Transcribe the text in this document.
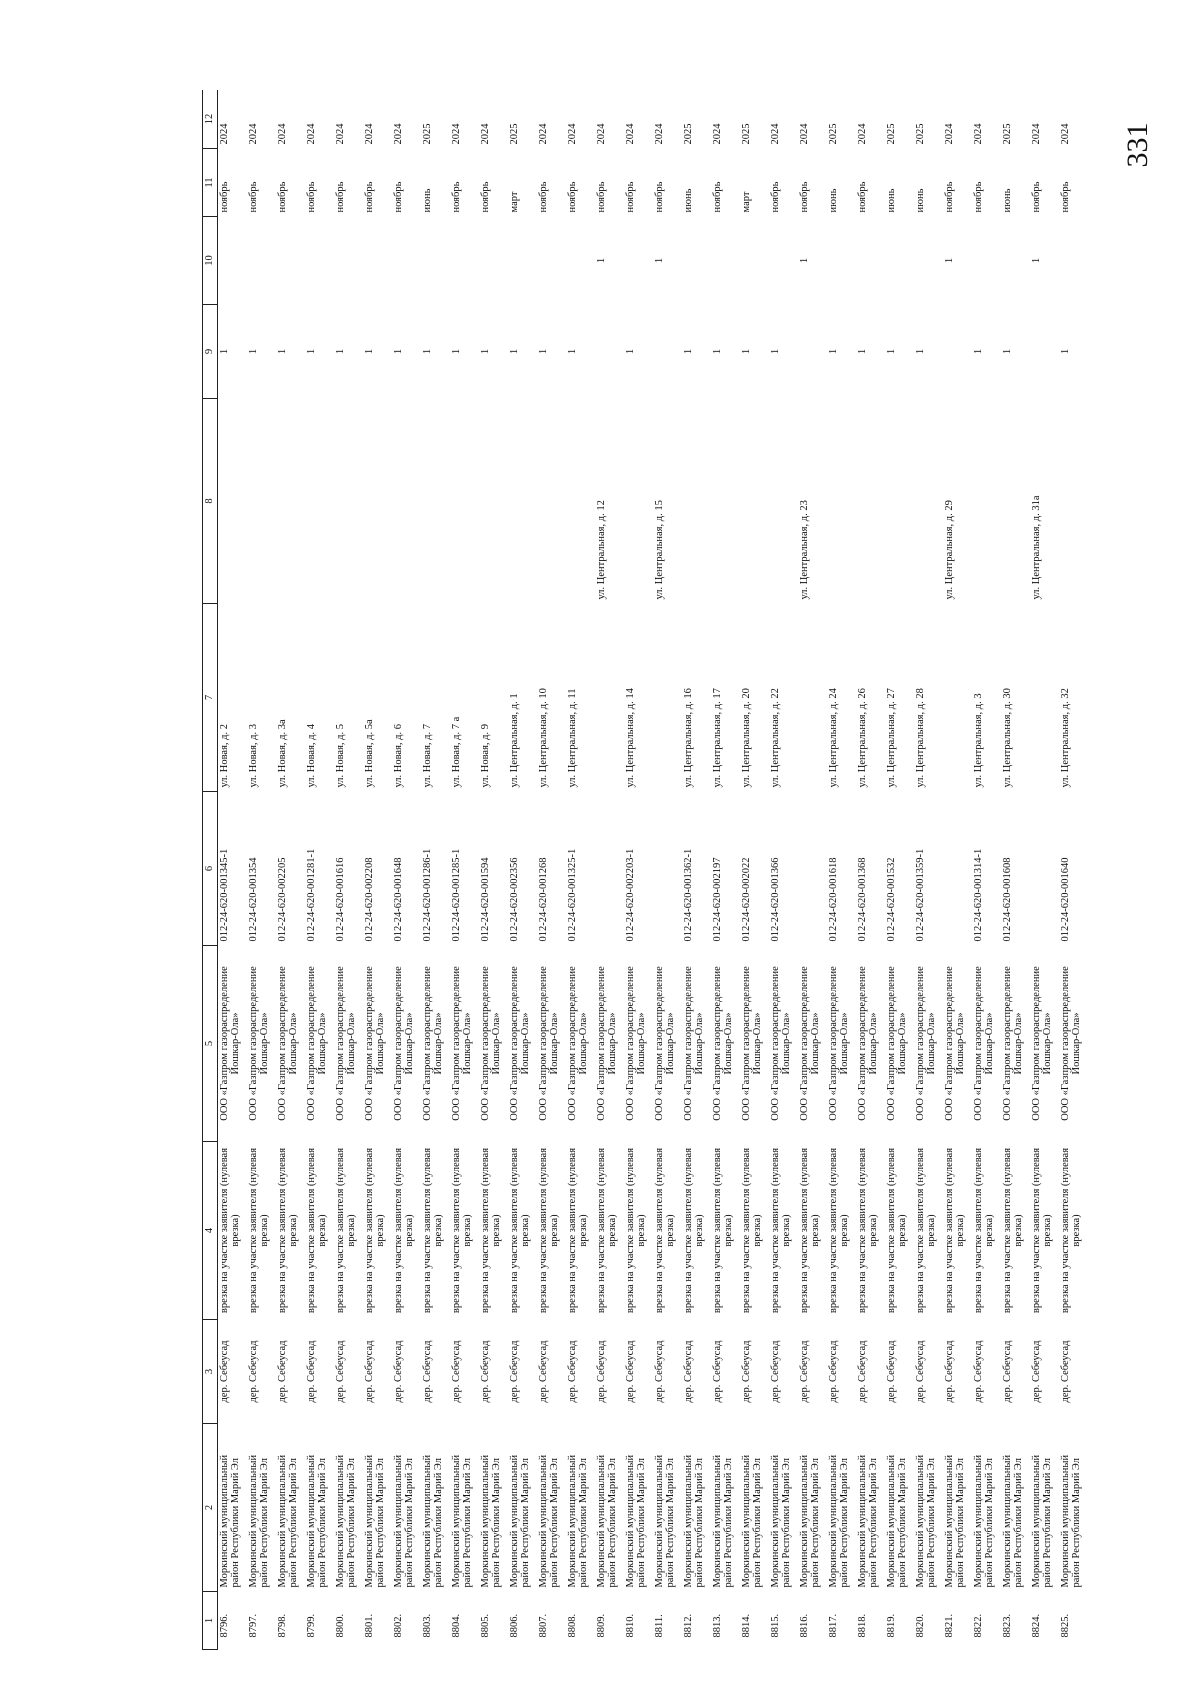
331
1	2	3	4	5	6	7	8	9	10	11	12
8796.	Моркинский муниципальный район Республики Марий Эл	дер. Себеусад	врезка на участке заявителя (нулевая врезка)	ООО «Газпром газораспределение Йошкар-Ола»	012-24-620-001345-1	ул. Новая, д. 2		1		ноябрь	2024
8797.	Моркинский муниципальный район Республики Марий Эл	дер. Себеусад	врезка на участке заявителя (нулевая врезка)	ООО «Газпром газораспределение Йошкар-Ола»	012-24-620-001354	ул. Новая, д. 3		1		ноябрь	2024
8798.	Моркинский муниципальный район Республики Марий Эл	дер. Себеусад	врезка на участке заявителя (нулевая врезка)	ООО «Газпром газораспределение Йошкар-Ола»	012-24-620-002205	ул. Новая, д. 3а		1		ноябрь	2024
8799.	Моркинский муниципальный район Республики Марий Эл	дер. Себеусад	врезка на участке заявителя (нулевая врезка)	ООО «Газпром газораспределение Йошкар-Ола»	012-24-620-001281-1	ул. Новая, д. 4		1		ноябрь	2024
8800.	Моркинский муниципальный район Республики Марий Эл	дер. Себеусад	врезка на участке заявителя (нулевая врезка)	ООО «Газпром газораспределение Йошкар-Ола»	012-24-620-001616	ул. Новая, д. 5		1		ноябрь	2024
8801.	Моркинский муниципальный район Республики Марий Эл	дер. Себеусад	врезка на участке заявителя (нулевая врезка)	ООО «Газпром газораспределение Йошкар-Ола»	012-24-620-002208	ул. Новая, д. 5а		1		ноябрь	2024
8802.	Моркинский муниципальный район Республики Марий Эл	дер. Себеусад	врезка на участке заявителя (нулевая врезка)	ООО «Газпром газораспределение Йошкар-Ола»	012-24-620-001648	ул. Новая, д. 6		1		ноябрь	2024
8803.	Моркинский муниципальный район Республики Марий Эл	дер. Себеусад	врезка на участке заявителя (нулевая врезка)	ООО «Газпром газораспределение Йошкар-Ола»	012-24-620-001286-1	ул. Новая, д. 7		1		июнь	2025
8804.	Моркинский муниципальный район Республики Марий Эл	дер. Себеусад	врезка на участке заявителя (нулевая врезка)	ООО «Газпром газораспределение Йошкар-Ола»	012-24-620-001285-1	ул. Новая, д. 7 а		1		ноябрь	2024
8805.	Моркинский муниципальный район Республики Марий Эл	дер. Себеусад	врезка на участке заявителя (нулевая врезка)	ООО «Газпром газораспределение Йошкар-Ола»	012-24-620-001594	ул. Новая, д. 9		1		ноябрь	2024
8806.	Моркинский муниципальный район Республики Марий Эл	дер. Себеусад	врезка на участке заявителя (нулевая врезка)	ООО «Газпром газораспределение Йошкар-Ола»	012-24-620-002356	ул. Центральная, д. 1		1		март	2025
8807.	Моркинский муниципальный район Республики Марий Эл	дер. Себеусад	врезка на участке заявителя (нулевая врезка)	ООО «Газпром газораспределение Йошкар-Ола»	012-24-620-001268	ул. Центральная, д. 10		1		ноябрь	2024
8808.	Моркинский муниципальный район Республики Марий Эл	дер. Себеусад	врезка на участке заявителя (нулевая врезка)	ООО «Газпром газораспределение Йошкар-Ола»	012-24-620-001325-1	ул. Центральная, д. 11		1		ноябрь	2024
8809.	Моркинский муниципальный район Республики Марий Эл	дер. Себеусад	врезка на участке заявителя (нулевая врезка)	ООО «Газпром газораспределение Йошкар-Ола»			ул. Центральная, д. 12		1	ноябрь	2024
8810.	Моркинский муниципальный район Республики Марий Эл	дер. Себеусад	врезка на участке заявителя (нулевая врезка)	ООО «Газпром газораспределение Йошкар-Ола»	012-24-620-002203-1	ул. Центральная, д. 14		1		ноябрь	2024
8811.	Моркинский муниципальный район Республики Марий Эл	дер. Себеусад	врезка на участке заявителя (нулевая врезка)	ООО «Газпром газораспределение Йошкар-Ола»			ул. Центральная, д. 15		1	ноябрь	2024
8812.	Моркинский муниципальный район Республики Марий Эл	дер. Себеусад	врезка на участке заявителя (нулевая врезка)	ООО «Газпром газораспределение Йошкар-Ола»	012-24-620-001362-1	ул. Центральная, д. 16		1		июнь	2025
8813.	Моркинский муниципальный район Республики Марий Эл	дер. Себеусад	врезка на участке заявителя (нулевая врезка)	ООО «Газпром газораспределение Йошкар-Ола»	012-24-620-002197	ул. Центральная, д. 17		1		ноябрь	2024
8814.	Моркинский муниципальный район Республики Марий Эл	дер. Себеусад	врезка на участке заявителя (нулевая врезка)	ООО «Газпром газораспределение Йошкар-Ола»	012-24-620-002022	ул. Центральная, д. 20		1		март	2025
8815.	Моркинский муниципальный район Республики Марий Эл	дер. Себеусад	врезка на участке заявителя (нулевая врезка)	ООО «Газпром газораспределение Йошкар-Ола»	012-24-620-001366	ул. Центральная, д. 22		1		ноябрь	2024
8816.	Моркинский муниципальный район Республики Марий Эл	дер. Себеусад	врезка на участке заявителя (нулевая врезка)	ООО «Газпром газораспределение Йошкар-Ола»			ул. Центральная, д. 23		1	ноябрь	2024
8817.	Моркинский муниципальный район Республики Марий Эл	дер. Себеусад	врезка на участке заявителя (нулевая врезка)	ООО «Газпром газораспределение Йошкар-Ола»	012-24-620-001618	ул. Центральная, д. 24		1		июнь	2025
8818.	Моркинский муниципальный район Республики Марий Эл	дер. Себеусад	врезка на участке заявителя (нулевая врезка)	ООО «Газпром газораспределение Йошкар-Ола»	012-24-620-001368	ул. Центральная, д. 26		1		ноябрь	2024
8819.	Моркинский муниципальный район Республики Марий Эл	дер. Себеусад	врезка на участке заявителя (нулевая врезка)	ООО «Газпром газораспределение Йошкар-Ола»	012-24-620-001532	ул. Центральная, д. 27		1		июнь	2025
8820.	Моркинский муниципальный район Республики Марий Эл	дер. Себеусад	врезка на участке заявителя (нулевая врезка)	ООО «Газпром газораспределение Йошкар-Ола»	012-24-620-001359-1	ул. Центральная, д. 28		1		июнь	2025
8821.	Моркинский муниципальный район Республики Марий Эл	дер. Себеусад	врезка на участке заявителя (нулевая врезка)	ООО «Газпром газораспределение Йошкар-Ола»			ул. Центральная, д. 29		1	ноябрь	2024
8822.	Моркинский муниципальный район Республики Марий Эл	дер. Себеусад	врезка на участке заявителя (нулевая врезка)	ООО «Газпром газораспределение Йошкар-Ола»	012-24-620-001314-1	ул. Центральная, д. 3		1		ноябрь	2024
8823.	Моркинский муниципальный район Республики Марий Эл	дер. Себеусад	врезка на участке заявителя (нулевая врезка)	ООО «Газпром газораспределение Йошкар-Ола»	012-24-620-001608	ул. Центральная, д. 30		1		июнь	2025
8824.	Моркинский муниципальный район Республики Марий Эл	дер. Себеусад	врезка на участке заявителя (нулевая врезка)	ООО «Газпром газораспределение Йошкар-Ола»			ул. Центральная, д. 31а		1	ноябрь	2024
8825.	Моркинский муниципальный район Республики Марий Эл	дер. Себеусад	врезка на участке заявителя (нулевая врезка)	ООО «Газпром газораспределение Йошкар-Ола»	012-24-620-001640	ул. Центральная, д. 32		1		ноябрь	2024
